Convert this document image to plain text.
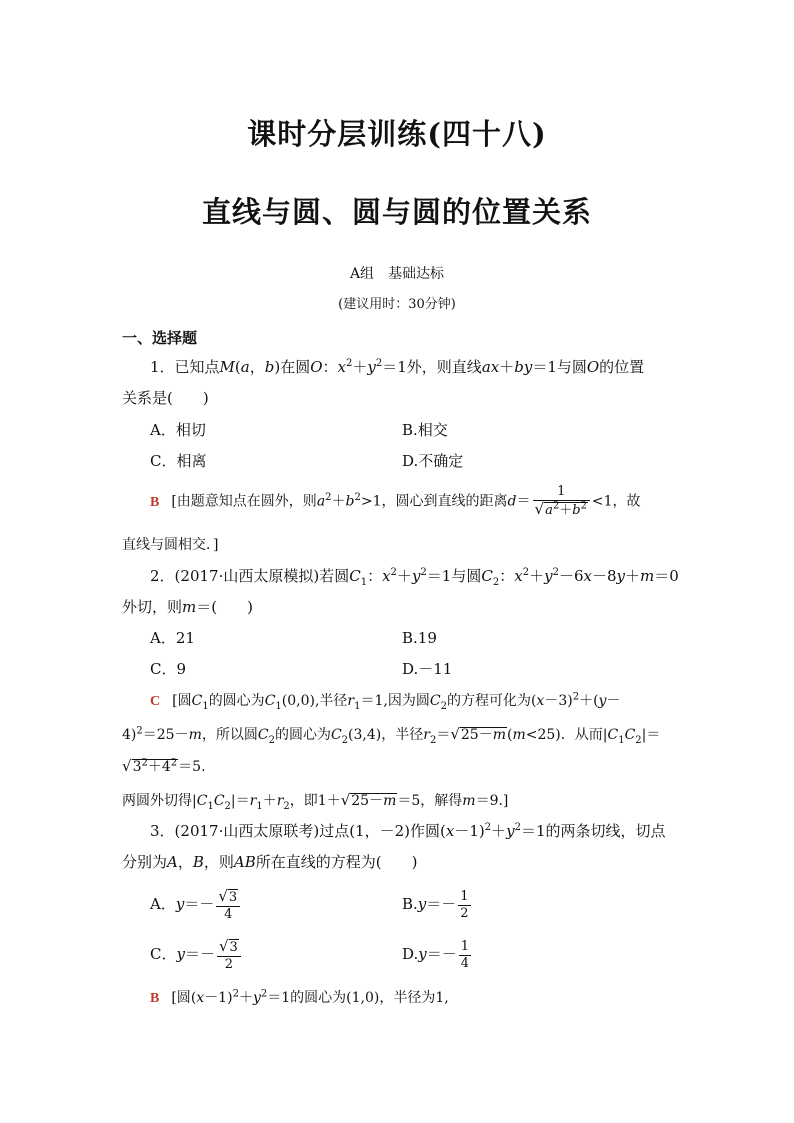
课时分层训练(四十八)
直线与圆、圆与圆的位置关系
A组　基础达标
(建议用时：30分钟)
一、选择题
1．已知点M(a，b)在圆O：$x^2+y^2=1$外，则直线ax＋by＝1与圆O的位置
关系是(　　)
A．相切	B.相交
C．相离	D.不确定
B [由题意知点在圆外，则$a^2+b^2>1$，圆心到直线的距离$d= \frac{1}{√a^2+b^2} <1$，故
直线与圆相交．]
2．(2017·山西太原模拟)若圆$C_1$：$x^2+y^2=1$与圆$C_2$：$x^2+y^2-6x-8y+m=0$
外切，则m＝(　　)
A．21	B.19
C．9	D.－11
C [圆$C_1$的圆心为$C_1(0,0)$,半径$r_1=1$,因为圆$C_2$的方程可化为$(x-3)^2+(y-$
4)$^2$＝25－m，所以圆$C_2$的圆心为$C_2(3,4)$，半径$r_2=√25-m(m<25)$．从而$|C_1C_2|=$
$√3^2+4^2=5$.
两圆外切得$|C_1C_2|=r_1+r_2$，即1＋√25－m＝5，解得m＝9.]
3．(2017·山西太原联考)过点(1，－2)作圆$(x-1)^2+y^2=1$的两条切线，切点
分别为A，B，则AB所在直线的方程为(　　)
A．$y=- \frac{√3}{4}$	$B.y=- \frac{1}{2}$
C．$y=- \frac{√3}{2}$	$D.y=- \frac{1}{4}$
B [圆$(x-1)^2+y^2=1$的圆心为(1,0)，半径为1,
